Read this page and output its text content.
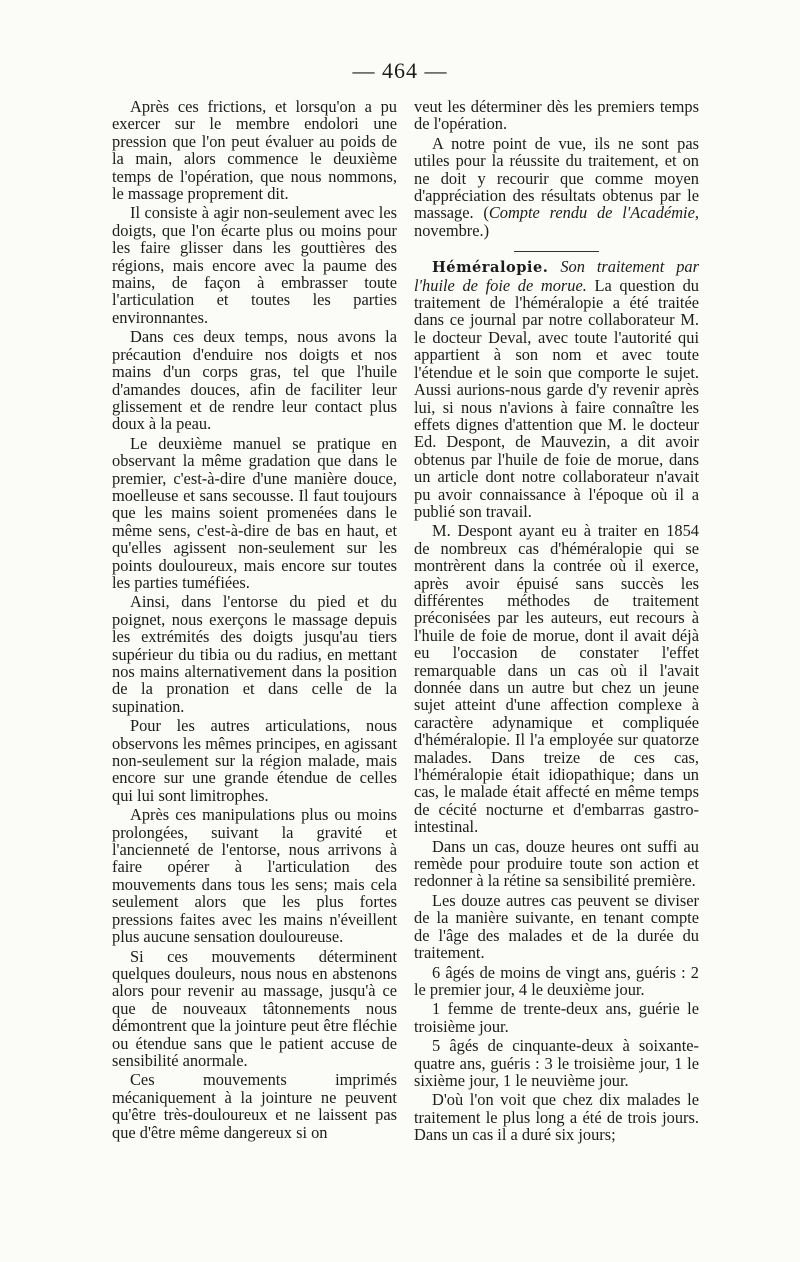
— 464 —

Après ces frictions, et lorsqu'on a pu exercer sur le membre endolori une pression que l'on peut évaluer au poids de la main, alors commence le deuxième temps de l'opération, que nous nommons, le massage proprement dit.

Il consiste à agir non-seulement avec les doigts, que l'on écarte plus ou moins pour les faire glisser dans les gouttières des régions, mais encore avec la paume des mains, de façon à embrasser toute l'articulation et toutes les parties environnantes.

Dans ces deux temps, nous avons la précaution d'enduire nos doigts et nos mains d'un corps gras, tel que l'huile d'amandes douces, afin de faciliter leur glissement et de rendre leur contact plus doux à la peau.

Le deuxième manuel se pratique en observant la même gradation que dans le premier, c'est-à-dire d'une manière douce, moelleuse et sans secousse. Il faut toujours que les mains soient promenées dans le même sens, c'est-à-dire de bas en haut, et qu'elles agissent non-seulement sur les points douloureux, mais encore sur toutes les parties tuméfiées.

Ainsi, dans l'entorse du pied et du poignet, nous exerçons le massage depuis les extrémités des doigts jusqu'au tiers supérieur du tibia ou du radius, en mettant nos mains alternativement dans la position de la pronation et dans celle de la supination.

Pour les autres articulations, nous observons les mêmes principes, en agissant non-seulement sur la région malade, mais encore sur une grande étendue de celles qui lui sont limitrophes.

Après ces manipulations plus ou moins prolongées, suivant la gravité et l'ancienneté de l'entorse, nous arrivons à faire opérer à l'articulation des mouvements dans tous les sens; mais cela seulement alors que les plus fortes pressions faites avec les mains n'éveillent plus aucune sensation douloureuse.

Si ces mouvements déterminent quelques douleurs, nous nous en abstenons alors pour revenir au massage, jusqu'à ce que de nouveaux tâtonnements nous démontrent que la jointure peut être fléchie ou étendue sans que le patient accuse de sensibilité anormale.

Ces mouvements imprimés mécaniquement à la jointure ne peuvent qu'être très-douloureux et ne laissent pas que d'être même dangereux si on

veut les déterminer dès les premiers temps de l'opération.

A notre point de vue, ils ne sont pas utiles pour la réussite du traitement, et on ne doit y recourir que comme moyen d'appréciation des résultats obtenus par le massage. (Compte rendu de l'Académie, novembre.)

Héméralopie. Son traitement par l'huile de foie de morue. La question du traitement de l'héméralopie a été traitée dans ce journal par notre collaborateur M. le docteur Deval, avec toute l'autorité qui appartient à son nom et avec toute l'étendue et le soin que comporte le sujet. Aussi aurions-nous garde d'y revenir après lui, si nous n'avions à faire connaître les effets dignes d'attention que M. le docteur Ed. Despont, de Mauvezin, a dit avoir obtenus par l'huile de foie de morue, dans un article dont notre collaborateur n'avait pu avoir connaissance à l'époque où il a publié son travail.

M. Despont ayant eu à traiter en 1854 de nombreux cas d'héméralopie qui se montrèrent dans la contrée où il exerce, après avoir épuisé sans succès les différentes méthodes de traitement préconisées par les auteurs, eut recours à l'huile de foie de morue, dont il avait déjà eu l'occasion de constater l'effet remarquable dans un cas où il l'avait donnée dans un autre but chez un jeune sujet atteint d'une affection complexe à caractère adynamique et compliquée d'héméralopie. Il l'a employée sur quatorze malades. Dans treize de ces cas, l'héméralopie était idiopathique; dans un cas, le malade était affecté en même temps de cécité nocturne et d'embarras gastro-intestinal.

Dans un cas, douze heures ont suffi au remède pour produire toute son action et redonner à la rétine sa sensibilité première.

Les douze autres cas peuvent se diviser de la manière suivante, en tenant compte de l'âge des malades et de la durée du traitement.

6 âgés de moins de vingt ans, guéris : 2 le premier jour, 4 le deuxième jour.

1 femme de trente-deux ans, guérie le troisième jour.

5 âgés de cinquante-deux à soixante-quatre ans, guéris : 3 le troisième jour, 1 le sixième jour, 1 le neuvième jour.

D'où l'on voit que chez dix malades le traitement le plus long a été de trois jours. Dans un cas il a duré six jours;
